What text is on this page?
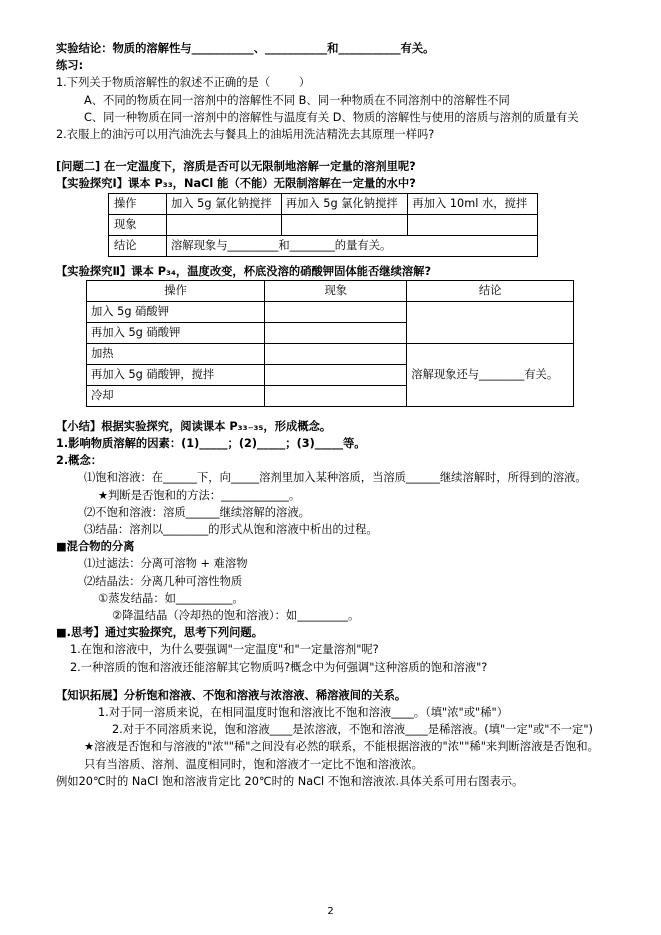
实验结论：物质的溶解性与___________、___________和___________有关。
练习:
1.下列关于物质溶解性的叙述不正确的是（        ）
A、不同的物质在同一溶剂中的溶解性不同 B、同一种物质在不同溶剂中的溶解性不同
C、同一种物质在同一溶剂中的溶解性与温度有关 D、物质的溶解性与使用的溶质与溶剂的质量有关
2.衣服上的油污可以用汽油洗去与餐具上的油垢用洗洁精洗去其原理一样吗?
[问题二] 在一定温度下，溶质是否可以无限制地溶解一定量的溶剂里呢?
【实验探究Ⅰ】课本 P₃₃，NaCl 能（不能）无限制溶解在一定量的水中?
操作	加入 5g 氯化钠搅拌	再加入 5g 氯化钠搅拌	再加入 10ml 水，搅拌
现象			
结论	溶解现象与_________和________的量有关。		
【实验探究Ⅱ】课本 P₃₄，温度改变，杯底没溶的硝酸钾固体能否继续溶解?
操作	现象	结论
加入 5g 硝酸钾		
再加入 5g 硝酸钾		
加热		溶解现象还与________有关。
再加入 5g 硝酸钾，搅拌		
冷却		
【小结】根据实验探究，阅读课本 P₃₃₋₃₅，形成概念。
1.影响物质溶解的因素：(1)_____；(2)_____；(3)_____等。
2.概念：
⑴饱和溶液：在______下，向_____溶剂里加入某种溶质，当溶质______继续溶解时，所得到的溶液。
★判断是否饱和的方法：____________。
⑵不饱和溶液：溶质______继续溶解的溶液。
⑶结晶：溶剂以________的形式从饱和溶液中析出的过程。
■混合物的分离
⑴过滤法：分离可溶物 + 难溶物
⑵结晶法：分离几种可溶性物质
①蒸发结晶：如__________。
②降温结晶（冷却热的饱和溶液）：如_________。
■.思考】通过实验探究，思考下列问题。
1.在饱和溶液中，为什么要强调"一定温度"和"一定量溶剂"呢?
2.一种溶质的饱和溶液还能溶解其它物质吗?概念中为何强调"这种溶质的饱和溶液"?
【知识拓展】分析饱和溶液、不饱和溶液与浓溶液、稀溶液间的关系。
1.对于同一溶质来说，在相同温度时饱和溶液比不饱和溶液____。（填"浓"或"稀"）
2.对于不同溶质来说，饱和溶液____是浓溶液，不饱和溶液____是稀溶液。(填"一定"或"不一定")
★溶液是否饱和与溶液的"浓""稀"之间没有必然的联系，不能根据溶液的"浓""稀"来判断溶液是否饱和。只有当溶质、溶剂、温度相同时，饱和溶液才一定比不饱和溶液浓。
例如20℃时的 NaCl 饱和溶液肯定比 20℃时的 NaCl 不饱和溶液浓.具体关系可用右图表示。
2
